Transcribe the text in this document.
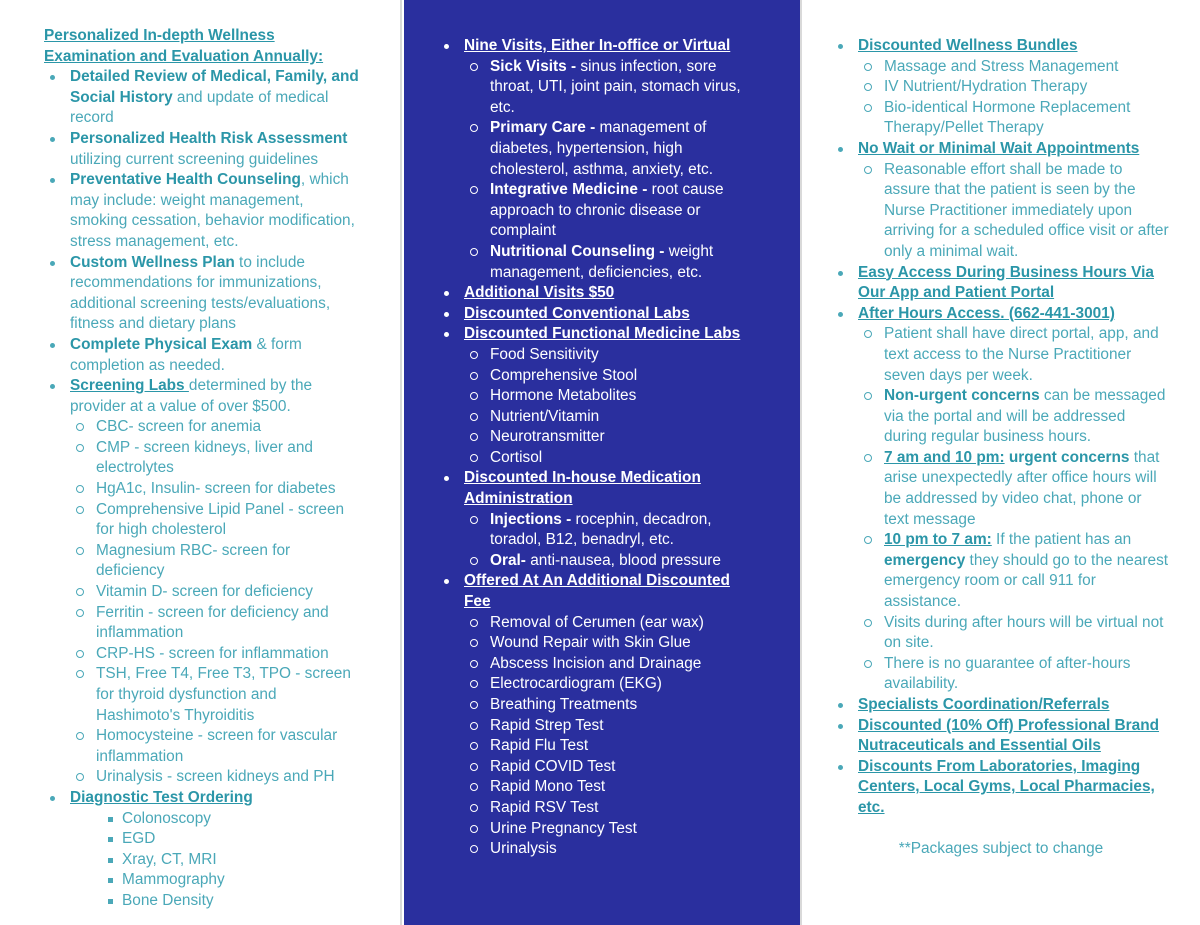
Personalized In-depth Wellness Examination and Evaluation Annually:
Detailed Review of Medical, Family, and Social History and update of medical record
Personalized Health Risk Assessment utilizing current screening guidelines
Preventative Health Counseling, which may include: weight management, smoking cessation, behavior modification, stress management, etc.
Custom Wellness Plan to include recommendations for immunizations, additional screening tests/evaluations, fitness and dietary plans
Complete Physical Exam & form completion as needed.
Screening Labs determined by the provider at a value of over $500.
CBC- screen for anemia
CMP - screen kidneys, liver and electrolytes
HgA1c, Insulin- screen for diabetes
Comprehensive Lipid Panel - screen for high cholesterol
Magnesium RBC- screen for deficiency
Vitamin D- screen for deficiency
Ferritin - screen for deficiency and inflammation
CRP-HS - screen for inflammation
TSH, Free T4, Free T3, TPO - screen for thyroid dysfunction and Hashimoto's Thyroiditis
Homocysteine - screen for vascular inflammation
Urinalysis - screen kidneys and PH
Diagnostic Test Ordering
Colonoscopy
EGD
Xray, CT, MRI
Mammography
Bone Density
Nine Visits, Either In-office or Virtual
Sick Visits - sinus infection, sore throat, UTI, joint pain, stomach virus, etc.
Primary Care - management of diabetes, hypertension, high cholesterol, asthma, anxiety, etc.
Integrative Medicine - root cause approach to chronic disease or complaint
Nutritional Counseling - weight management, deficiencies, etc.
Additional Visits $50
Discounted Conventional Labs
Discounted Functional Medicine Labs
Food Sensitivity
Comprehensive Stool
Hormone Metabolites
Nutrient/Vitamin
Neurotransmitter
Cortisol
Discounted In-house Medication Administration
Injections - rocephin, decadron, toradol, B12, benadryl, etc.
Oral- anti-nausea, blood pressure
Offered At An Additional Discounted Fee
Removal of Cerumen (ear wax)
Wound Repair with Skin Glue
Abscess Incision and Drainage
Electrocardiogram (EKG)
Breathing Treatments
Rapid Strep Test
Rapid Flu Test
Rapid COVID Test
Rapid Mono Test
Rapid RSV Test
Urine Pregnancy Test
Urinalysis
Discounted Wellness Bundles
Massage and Stress Management
IV Nutrient/Hydration Therapy
Bio-identical Hormone Replacement Therapy/Pellet Therapy
No Wait or Minimal Wait Appointments
Reasonable effort shall be made to assure that the patient is seen by the Nurse Practitioner immediately upon arriving for a scheduled office visit or after only a minimal wait.
Easy Access During Business Hours Via Our App and Patient Portal
After Hours Access. (662-441-3001)
Patient shall have direct portal, app, and text access to the Nurse Practitioner seven days per week.
Non-urgent concerns can be messaged via the portal and will be addressed during regular business hours.
7 am and 10 pm: urgent concerns that arise unexpectedly after office hours will be addressed by video chat, phone or text message
10 pm to 7 am: If the patient has an emergency they should go to the nearest emergency room or call 911 for assistance.
Visits during after hours will be virtual not on site.
There is no guarantee of after-hours availability.
Specialists Coordination/Referrals
Discounted (10% Off) Professional Brand Nutraceuticals and Essential Oils
Discounts From Laboratories, Imaging Centers, Local Gyms, Local Pharmacies, etc.
**Packages subject to change
